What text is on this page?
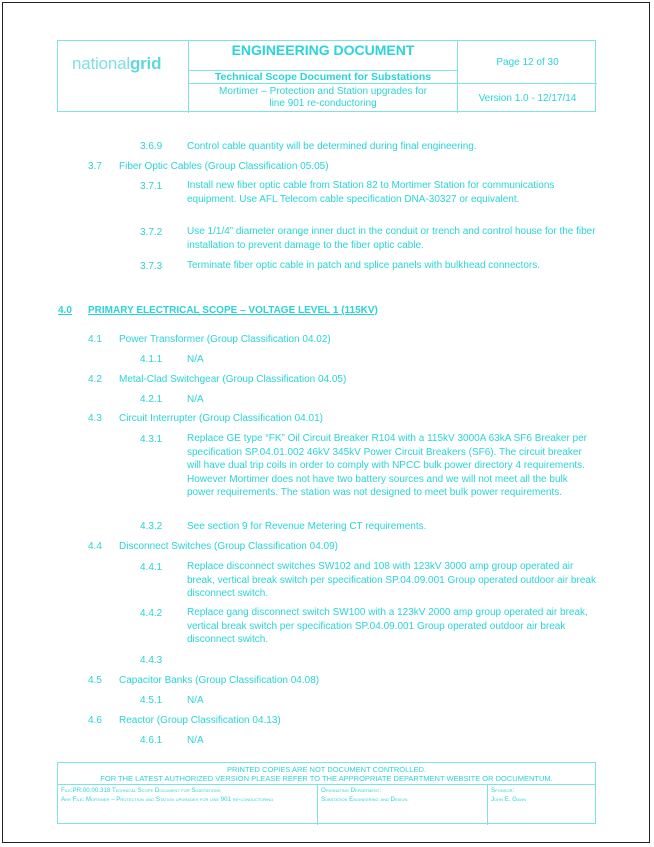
nationalgrid
ENGINEERING DOCUMENT
Technical Scope Document for Substations
Mortimer – Protection and Station upgrades for
line 901 re-conductoring
Page 12 of 30
Version 1.0 - 12/17/14
3.6.9 Control cable quantity will be determined during final engineering.
3.7 Fiber Optic Cables (Group Classification 05.05)
3.7.1 Install new fiber optic cable from Station 82 to Mortimer Station for communications equipment. Use AFL Telecom cable specification DNA-30327 or equivalent.
3.7.2 Use 1/1/4” diameter orange inner duct in the conduit or trench and control house for the fiber installation to prevent damage to the fiber optic cable.
3.7.3 Terminate fiber optic cable in patch and splice panels with bulkhead connectors.
4.0 PRIMARY ELECTRICAL SCOPE – VOLTAGE LEVEL 1 (115KV)
4.1 Power Transformer (Group Classification 04.02)
4.1.1 N/A
4.2 Metal-Clad Switchgear (Group Classification 04.05)
4.2.1 N/A
4.3 Circuit Interrupter (Group Classification 04.01)
4.3.1 Replace GE type “FK” Oil Circuit Breaker R104 with a 115kV 3000A 63kA SF6 Breaker per specification SP.04.01.002 46kV 345kV Power Circuit Breakers (SF6). The circuit breaker will have dual trip coils in order to comply with NPCC bulk power directory 4 requirements. However Mortimer does not have two battery sources and we will not meet all the bulk power requirements. The station was not designed to meet bulk power requirements.
4.3.2 See section 9 for Revenue Metering CT requirements.
4.4 Disconnect Switches (Group Classification 04.09)
4.4.1 Replace disconnect switches SW102 and 108 with 123kV 3000 amp group operated air break, vertical break switch per specification SP.04.09.001 Group operated outdoor air break disconnect switch.
4.4.2 Replace gang disconnect switch SW100 with a 123kV 2000 amp group operated air break, vertical break switch per specification SP.04.09.001 Group operated outdoor air break disconnect switch.
4.4.3
4.5 Capacitor Banks (Group Classification 04.08)
4.5.1 N/A
4.6 Reactor (Group Classification 04.13)
4.6.1 N/A
PRINTED COPIES ARE NOT DOCUMENT CONTROLLED.
FOR THE LATEST AUTHORIZED VERSION PLEASE REFER TO THE APPROPRIATE DEPARTMENT WEBSITE OR DOCUMENTUM.
File:PR.00.00.318 Technical Scope Document for Substations
Arr File: Mortimer – Protection and Station upgrades for line 901 re-conductoring
Originating Department:
Substation Engineering and Design
Sponsor:
John E. Gavin
